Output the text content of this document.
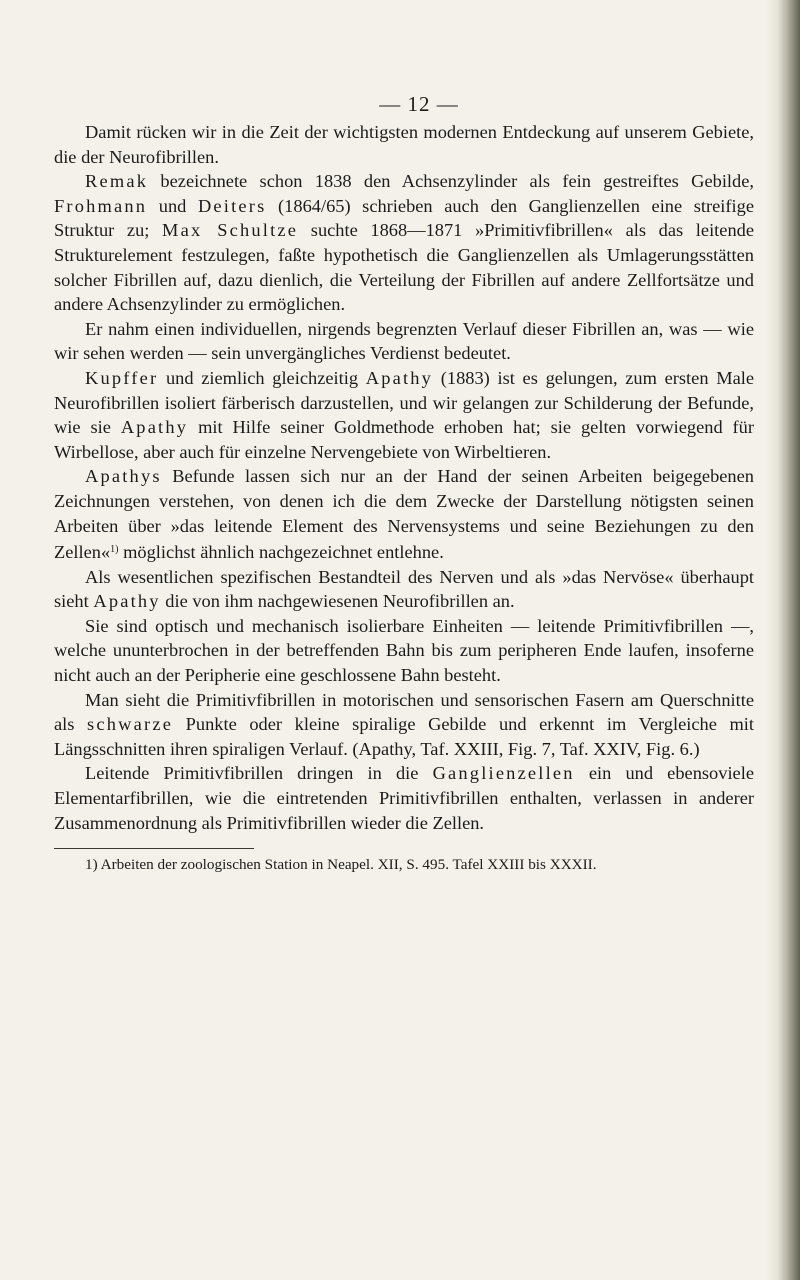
— 12 —

Damit rücken wir in die Zeit der wichtigsten modernen Entdeckung auf unserem Gebiete, die der Neurofibrillen.

Remak bezeichnete schon 1838 den Achsenzylinder als fein gestreiftes Gebilde, Frohmann und Deiters (1864/65) schrieben auch den Ganglienzellen eine streifige Struktur zu; Max Schultze suchte 1868—1871 »Primitivfibrillen« als das leitende Strukturelement festzulegen, faßte hypothetisch die Ganglienzellen als Umlagerungsstätten solcher Fibrillen auf, dazu dienlich, die Verteilung der Fibrillen auf andere Zellfortsätze und andere Achsenzylinder zu ermöglichen.

Er nahm einen individuellen, nirgends begrenzten Verlauf dieser Fibrillen an, was — wie wir sehen werden — sein unvergängliches Verdienst bedeutet.

Kupffer und ziemlich gleichzeitig Apathy (1883) ist es gelungen, zum ersten Male Neurofibrillen isoliert färberisch darzustellen, und wir gelangen zur Schilderung der Befunde, wie sie Apathy mit Hilfe seiner Goldmethode erhoben hat; sie gelten vorwiegend für Wirbellose, aber auch für einzelne Nervengebiete von Wirbeltieren.

Apathys Befunde lassen sich nur an der Hand der seinen Arbeiten beigegebenen Zeichnungen verstehen, von denen ich die dem Zwecke der Darstellung nötigsten seinen Arbeiten über »das leitende Element des Nervensystems und seine Beziehungen zu den Zellen«$^{1)}$ möglichst ähnlich nachgezeichnet entlehne.

Als wesentlichen spezifischen Bestandteil des Nerven und als »das Nervöse« überhaupt sieht Apathy die von ihm nachgewiesenen Neurofibrillen an.

Sie sind optisch und mechanisch isolierbare Einheiten — leitende Primitivfibrillen —, welche ununterbrochen in der betreffenden Bahn bis zum peripheren Ende laufen, insoferne nicht auch an der Peripherie eine geschlossene Bahn besteht.

Man sieht die Primitivfibrillen in motorischen und sensorischen Fasern am Querschnitte als schwarze Punkte oder kleine spiralige Gebilde und erkennt im Vergleiche mit Längsschnitten ihren spiraligen Verlauf. (Apathy, Taf. XXIII, Fig. 7, Taf. XXIV, Fig. 6.)

Leitende Primitivfibrillen dringen in die Ganglienzellen ein und ebensoviele Elementarfibrillen, wie die eintretenden Primitivfibrillen enthalten, verlassen in anderer Zusammenordnung als Primitivfibrillen wieder die Zellen.

1) Arbeiten der zoologischen Station in Neapel. XII, S. 495. Tafel XXIII bis XXXII.
